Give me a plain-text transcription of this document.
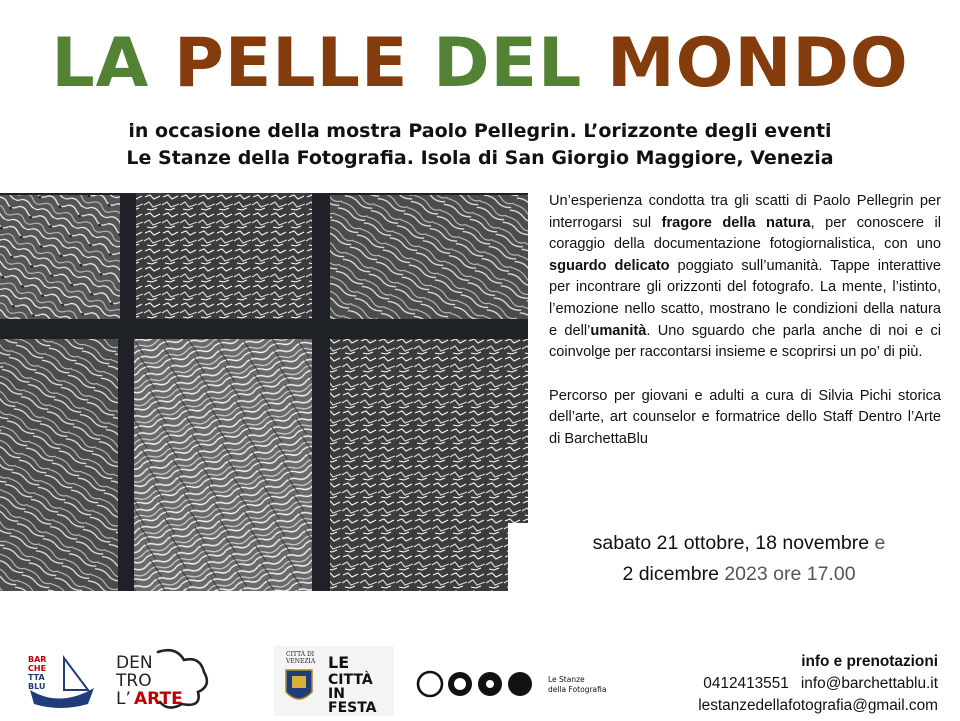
LA PELLE DEL MONDO
in occasione della mostra Paolo Pellegrin. L’orizzonte degli eventi
Le Stanze della Fotografia. Isola di San Giorgio Maggiore, Venezia

Un’esperienza condotta tra gli scatti di Paolo Pellegrin per interrogarsi sul fragore della natura, per conoscere il coraggio della documentazione fotogiornalistica, con uno sguardo delicato poggiato sull’umanità. Tappe interattive per incontrare gli orizzonti del fotografo. La mente, l’istinto, l’emozione nello scatto, mostrano le condizioni della natura e dell’umanità. Uno sguardo che parla anche di noi e ci coinvolge per raccontarsi insieme e scoprirsi un po’ di più.

Percorso per giovani e adulti a cura di Silvia Pichi storica dell’arte, art counselor e formatrice dello Staff Dentro l’Arte di BarchettaBlu

sabato 21 ottobre, 18 novembre e
2 dicembre 2023 ore 17.00
BAR
CHE
TTA
BLU
DEN
TRO
L’ ARTE
CITTÀ DI
VENEZIA LE
CITTÀ
IN
FESTA
Le Stanze
della Fotografia
info e prenotazioni
0412413551 info@barchettablu.it
lestanzedellafotografia@gmail.com
